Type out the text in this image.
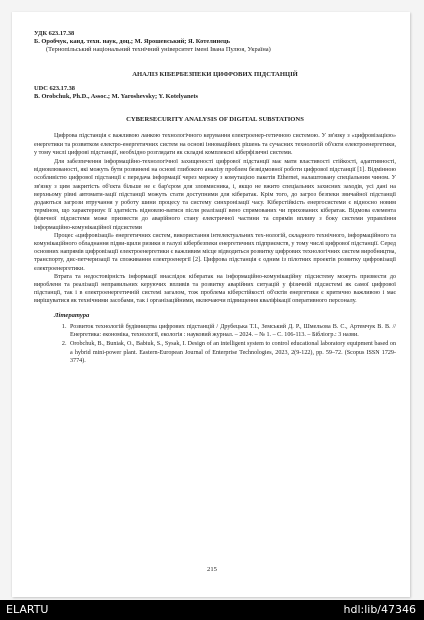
УДК 623.17.38

Б. Оробчук, канд. техн. наук, доц.; М. Ярошевський; Я. Котелинець

(Тернопільський національний технічний університет імені Івана Пулюя, Україна)

АНАЛІЗ КІБЕРБЕЗПЕКИ ЦИФРОВИХ ПІДСТАНЦІЙ

UDC 623.17.38

B. Orobchuk, Ph.D., Assoc.; M. Yaroshevsky; Y. Kotelyanets

CYBERSECURITY ANALYSIS OF DIGITAL SUBSTATIONS

Цифрова підстанція є важливою ланкою технологічного керування електроенер-гетичною системою. У зв'язку з «цифровізацією» енергетики та розвитком електро-енергетичних систем на основі інноваційних рішень та сучасних технологій об'єкти електроенергетики, у тому числі цифрові підстанції, необхідно розглядати як складні комплексні кіберфізичні системи.

Для забезпечення інформаційно-технологічної захищеності цифрової підстанції має мати властивості стійкості, адаптивності, відновлюваності, які можуть бути розвинені на основі глибокого аналізу проблем безвідмовної роботи цифрової підстанції [1]. Відмінною особливістю цифрової підстанції є передача інформації через мережу з комутацією пакетів Ethernet, налаштовану спеціальним чином. У зв'язку з цим закритість об'єкта більше не є бар'єром для зловмисника, і, якщо не вжито спеціальних захисних заходів, усі дані на верхньому рівні автомати-зації підстанції можуть стати доступними для кібератак. Крім того, до загроз безпеки звичайної підстанції додаються загрози втручання у роботу шини процесу та систему синхронізації часу. Кіберстійкість енергосистеми є відносно новим терміном, що характеризує її здатність відновлю-ватися після реалізації вено спрямованих чи прихованих кібератак. Відмова елемента фізичної підсистеми може призвести до аварійного стану електричної частини та спрямів впливу з боку системи управління інформаційно-комунікаційної підсистеми

Процес «цифровізації» енергетичних систем, використання інтелектуальних тех-нологій, складного технічного, інформаційного та комунікаційного обладнання підви-щили ризики в галузі кібербезпеки енергетичних підприємств, у тому числі цифрової підстанції. Серед основних напрямів цифровізації електроенергетики є важливим місце відводиться розвитку цифрових технологічних систем виробництва, транспорту, дис-петчеризації та споживання електроенергії [2]. Цифрова підстанція є одним із пілотних проектів розвитку цифровізації електроенергетики.

Втрата та недостовірність інформації внаслідок кібератак на інформаційно-комунікаційну підсистему можуть призвести до виробленя та реалізації неправильних керуючих впливів та розвитку аварійних ситуацій у фізичній підсистемі як самої цифрової підстанції, так і в електроенергетичній системі загалом, тож проблема кіберстійкості об'єктів енергетики є критично важливою і має вирішуватися як технічними засобами, так і організаційними, включаючи підвищення кваліфікації оперативного персоналу.

Література

1. Розвиток технологій будівництва цифрових підстанцій / Друбецька Т.І., Земський Д. Р., Шмельова В. С., Артемчук В. В. // Енергетика: економіка, технології, екологія : науковий журнал. – 2024. – № 1. – С. 106-113. – Бібліогр.: 3 назви.
2. Orobchuk, B., Buniak, O., Babiuk, S., Sysak, I. Design of an intelligent system to control educational laboratory equipment based on a hybrid mini-power plant. Eastern-European Journal of Enterprise Technologies, 2023, 2(9-122), pp. 59–72. (Scopus ISSN 1729-3774).
215
ELARTU	hdl:lib/47346
